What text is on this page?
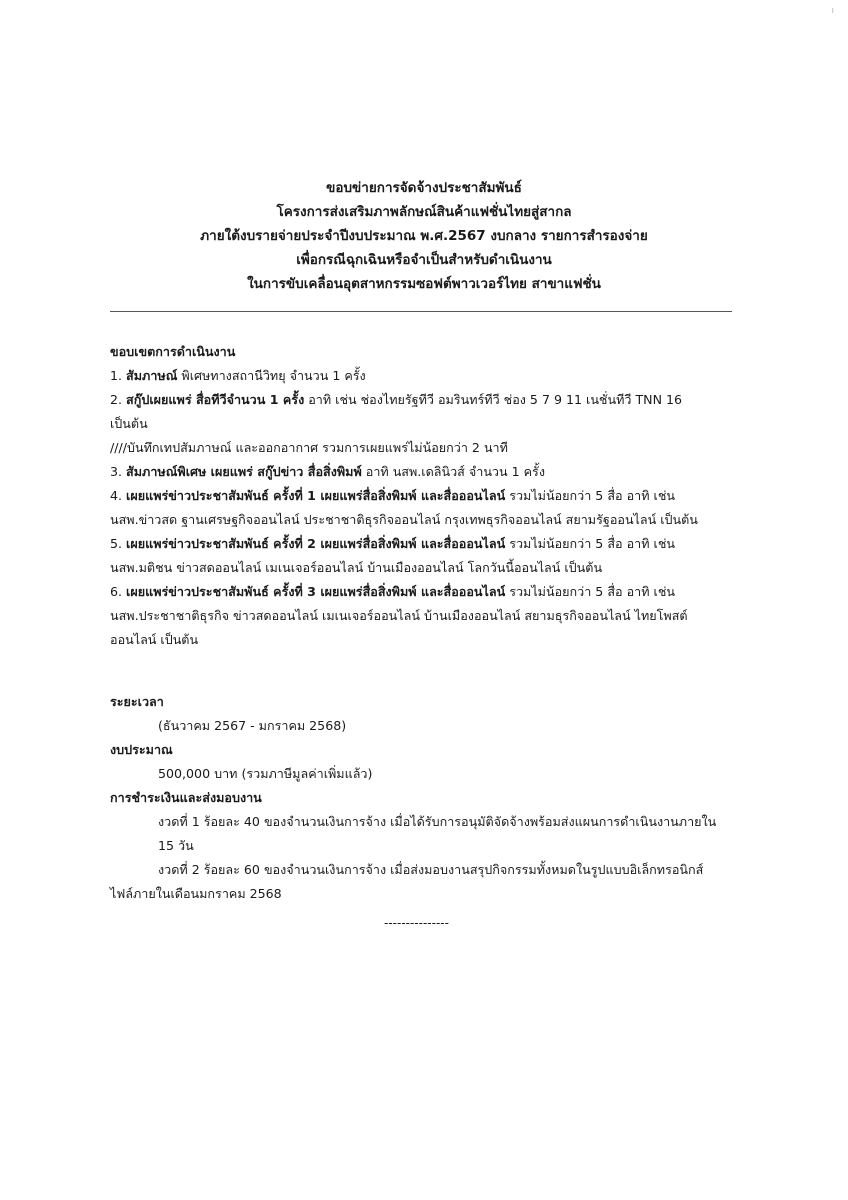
ı
ขอบข่ายการจัดจ้างประชาสัมพันธ์
โครงการส่งเสริมภาพลักษณ์สินค้าแฟชั่นไทยสู่สากล
ภายใต้งบรายจ่ายประจำปีงบประมาณ พ.ศ.2567 งบกลาง รายการสำรองจ่าย
เพื่อกรณีฉุกเฉินหรือจำเป็นสำหรับดำเนินงาน
ในการขับเคลื่อนอุตสาหกรรมซอฟต์พาวเวอร์ไทย สาขาแฟชั่น
ขอบเขตการดำเนินงาน
1. สัมภาษณ์ พิเศษทางสถานีวิทยุ จำนวน 1 ครั้ง
2. สกู๊ปเผยแพร่ สื่อทีวีจำนวน 1 ครั้ง อาทิ เช่น ช่องไทยรัฐทีวี อมรินทร์ทีวี ช่อง 5 7 9 11 เนชั่นทีวี TNN 16
เป็นต้น
////บันทึกเทปสัมภาษณ์ และออกอากาศ รวมการเผยแพร่ไม่น้อยกว่า 2 นาที
3. สัมภาษณ์พิเศษ เผยแพร่ สกู๊ปข่าว สื่อสิ่งพิมพ์ อาทิ นสพ.เดลินิวส์ จำนวน 1 ครั้ง
4. เผยแพร่ข่าวประชาสัมพันธ์ ครั้งที่ 1 เผยแพร่สื่อสิ่งพิมพ์ และสื่อออนไลน์ รวมไม่น้อยกว่า 5 สื่อ อาทิ เช่น
นสพ.ข่าวสด ฐานเศรษฐกิจออนไลน์ ประชาชาติธุรกิจออนไลน์ กรุงเทพธุรกิจออนไลน์ สยามรัฐออนไลน์ เป็นต้น
5. เผยแพร่ข่าวประชาสัมพันธ์ ครั้งที่ 2 เผยแพร่สื่อสิ่งพิมพ์ และสื่อออนไลน์ รวมไม่น้อยกว่า 5 สื่อ อาทิ เช่น
นสพ.มติชน ข่าวสดออนไลน์ เมเนเจอร์ออนไลน์ บ้านเมืองออนไลน์ โลกวันนี้ออนไลน์ เป็นต้น
6. เผยแพร่ข่าวประชาสัมพันธ์ ครั้งที่ 3 เผยแพร่สื่อสิ่งพิมพ์ และสื่อออนไลน์ รวมไม่น้อยกว่า 5 สื่อ อาทิ เช่น
นสพ.ประชาชาติธุรกิจ ข่าวสดออนไลน์ เมเนเจอร์ออนไลน์ บ้านเมืองออนไลน์ สยามธุรกิจออนไลน์ ไทยโพสต์
ออนไลน์ เป็นต้น
ระยะเวลา
(ธันวาคม 2567 - มกราคม 2568)
งบประมาณ
500,000 บาท (รวมภาษีมูลค่าเพิ่มแล้ว)
การชำระเงินและส่งมอบงาน
งวดที่ 1 ร้อยละ 40 ของจำนวนเงินการจ้าง เมื่อได้รับการอนุมัติจัดจ้างพร้อมส่งแผนการดำเนินงานภายใน
15 วัน
งวดที่ 2 ร้อยละ 60 ของจำนวนเงินการจ้าง เมื่อส่งมอบงานสรุปกิจกรรมทั้งหมดในรูปแบบอิเล็กทรอนิกส์
ไฟล์ภายในเดือนมกราคม 2568
---------------
